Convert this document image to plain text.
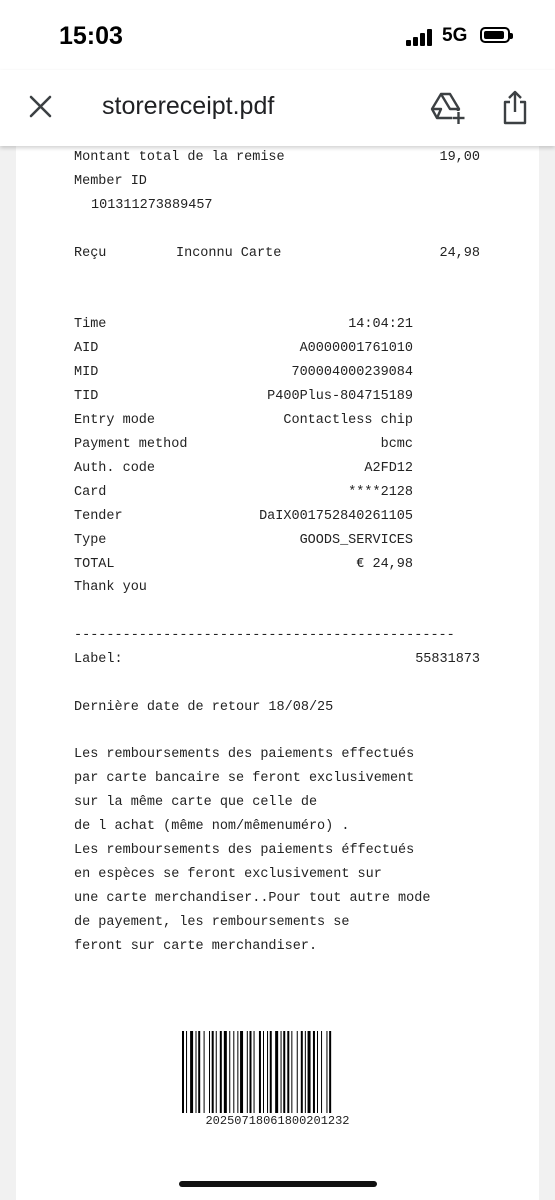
15:03	5G
storereceipt.pdf
Montant total de la remise	19,00
Member ID
101311273889457
Reçu	Inconnu Carte	24,98
Time	14:04:21
AID	A0000001761010
MID	700004000239084
TID	P400Plus-804715189
Entry mode	Contactless chip
Payment method	bcmc
Auth. code	A2FD12
Card	****2128
Tender	DaIX001752840261105
Type	GOODS_SERVICES
TOTAL	€ 24,98
Thank you
-----------------------------------------------
Label:	55831873
Dernière date de retour 18/08/25
Les remboursements des paiements effectués
par carte bancaire se feront exclusivement
sur la même carte que celle de
de l achat (même nom/mêmenuméro) .
Les remboursements des paiements éffectués
en espèces se feront exclusivement sur
une carte merchandiser..Pour tout autre mode
de payement, les remboursements se
feront sur carte merchandiser.
20250718061800201232
